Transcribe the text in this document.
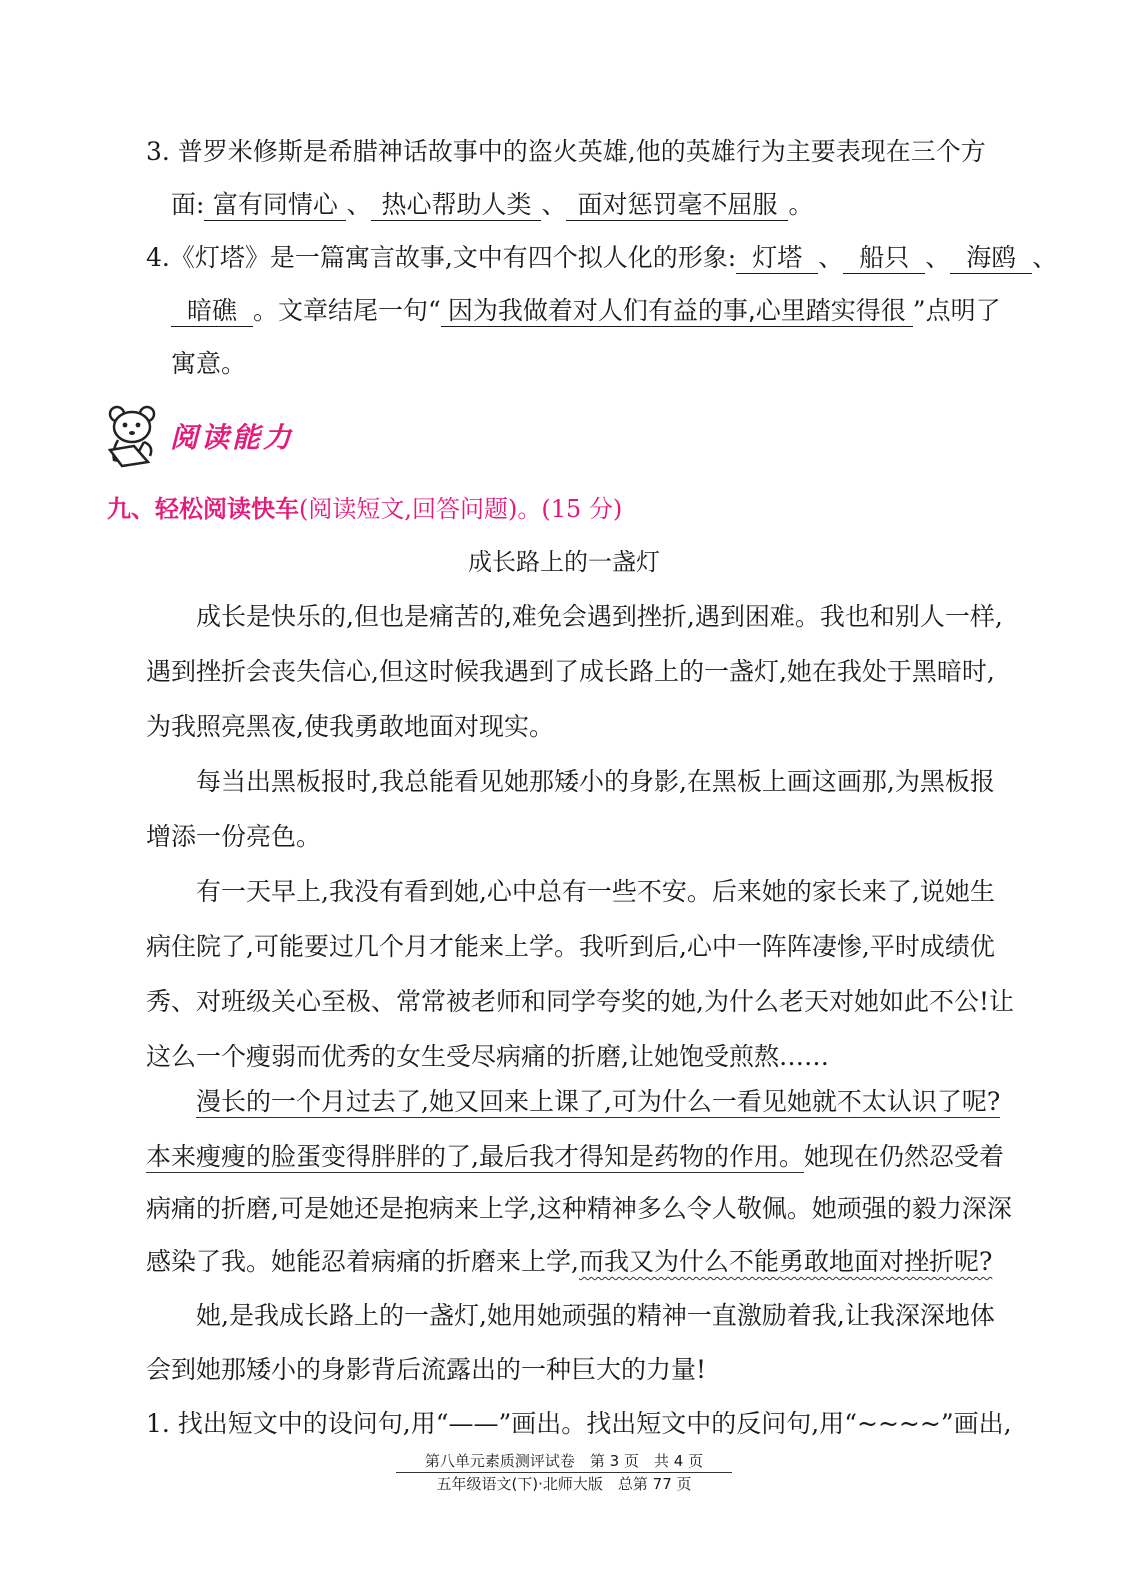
3. 普罗米修斯是希腊神话故事中的盗火英雄,他的英雄行为主要表现在三个方
面: 富有同情心 、 热心帮助人类 、 面对惩罚毫不屈服 。
4.《灯塔》是一篇寓言故事,文中有四个拟人化的形象: 灯塔 、 船只 、 海鸥 、
暗礁 。文章结尾一句“ 因为我做着对人们有益的事,心里踏实得很 ”点明了
寓意。
阅读能力
九、轻松阅读快车(阅读短文,回答问题)。(15 分)
成长路上的一盏灯
成长是快乐的,但也是痛苦的,难免会遇到挫折,遇到困难。我也和别人一样,
遇到挫折会丧失信心,但这时候我遇到了成长路上的一盏灯,她在我处于黑暗时,
为我照亮黑夜,使我勇敢地面对现实。
每当出黑板报时,我总能看见她那矮小的身影,在黑板上画这画那,为黑板报
增添一份亮色。
有一天早上,我没有看到她,心中总有一些不安。后来她的家长来了,说她生
病住院了,可能要过几个月才能来上学。我听到后,心中一阵阵凄惨,平时成绩优
秀、对班级关心至极、常常被老师和同学夸奖的她,为什么老天对她如此不公!让
这么一个瘦弱而优秀的女生受尽病痛的折磨,让她饱受煎熬……
漫长的一个月过去了,她又回来上课了,可为什么一看见她就不太认识了呢?
本来瘦瘦的脸蛋变得胖胖的了,最后我才得知是药物的作用。她现在仍然忍受着
病痛的折磨,可是她还是抱病来上学,这种精神多么令人敬佩。她顽强的毅力深深
感染了我。她能忍着病痛的折磨来上学,而我又为什么不能勇敢地面对挫折呢?
她,是我成长路上的一盏灯,她用她顽强的精神一直激励着我,让我深深地体
会到她那矮小的身影背后流露出的一种巨大的力量!
1. 找出短文中的设问句,用“——”画出。找出短文中的反问句,用“~~~~”画出,
第八单元素质测评试卷　第 3 页　共 4 页
五年级语文(下)·北师大版　总第 77 页
